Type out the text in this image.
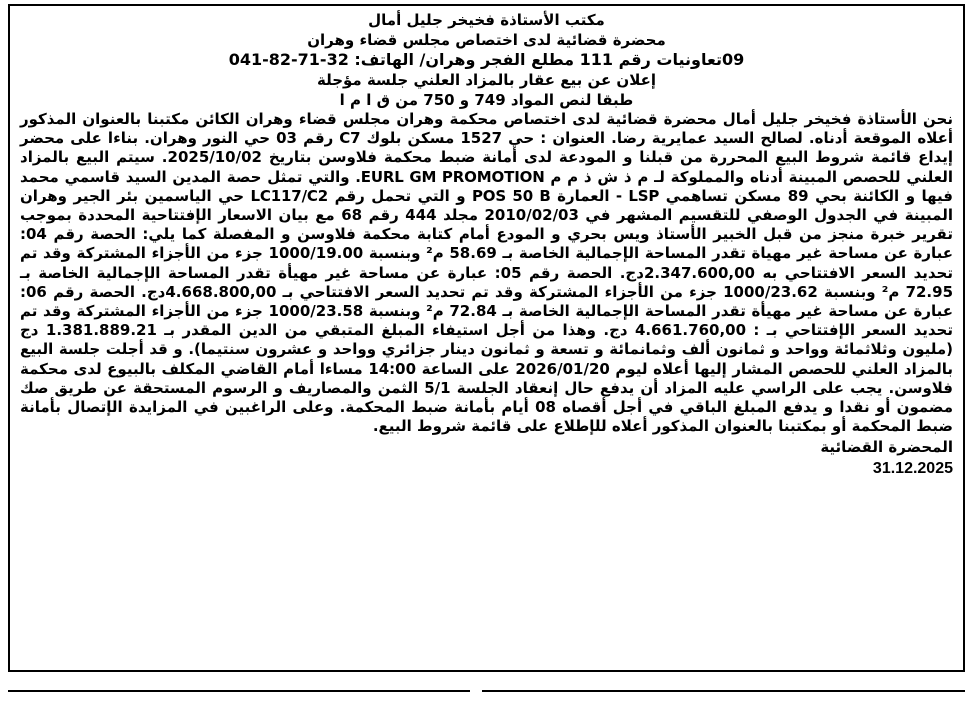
مكتب الأستاذة فخيخر جليل أمال
محضرة قضائية لدى اختصاص مجلس قضاء وهران
09تعاونيات رقم 111 مطلع الفجر وهران/ الهاتف: 32-71-82-041
إعلان عن بيع عقار بالمزاد العلني جلسة مؤجلة
طبقا لنص المواد 749 و 750 من ق ا م ا

نحن الأستاذة فخيخر جليل أمال محضرة قضائية لدى اختصاص محكمة وهران مجلس قضاء وهران الكائن مكتبنا بالعنوان المذكور أعلاه الموقعة أدناه. لصالح السيد عمايرية رضا. العنوان : حي 1527 مسكن بلوك C7 رقم 03 حي النور وهران. بناءا على محضر إيداع قائمة شروط البيع المحررة من قبلنا و المودعة لدى أمانة ضبط محكمة فلاوسن بتاريخ 2025/10/02. سيتم البيع بالمزاد العلني للحصص المبينة أدناه والمملوكة لـ م ذ ش ذ م م EURL GM PROMOTION. والتي تمثل حصة المدين السيد قاسمي محمد فيها و الكائنة بحي 89 مسكن تساهمي LSP - العمارة POS 50 B و التي تحمل رقم LC117/C2 حي الياسمين بئر الجير وهران المبينة في الجدول الوصفي للتقسيم المشهر في 2010/02/03 مجلد 444 رقم 68 مع بيان الاسعار الإفتتاحية المحددة بموجب تقرير خبرة منجز من قبل الخبير الأستاذ ويس بحري و المودع أمام كتابة محكمة فلاوسن و المفصلة كما يلي: الحصة رقم 04: عبارة عن مساحة غير مهياة تقدر المساحة الإجمالية الخاصة بـ 58.69 م² وبنسبة 1000/19.00 جزء من الأجزاء المشتركة وقد تم تحديد السعر الافتتاحي به 2.347.600,00دج. الحصة رقم 05: عبارة عن مساحة غير مهيأة تقدر المساحة الإجمالية الخاصة بـ 72.95 م² وبنسبة 1000/23.62 جزء من الأجزاء المشتركة وقد تم تحديد السعر الافتتاحي بـ 4.668.800,00دج. الحصة رقم 06: عبارة عن مساحة غير مهيأة تقدر المساحة الإجمالية الخاصة بـ 72.84 م² وبنسبة 1000/23.58 جزء من الأجزاء المشتركة وقد تم تحديد السعر الإفتتاحي بـ : 4.661.760,00 دج. وهذا من أجل استيفاء المبلغ المتبقي من الدين المقدر بـ 1.381.889.21 دج (مليون وثلاثمائة وواحد و ثمانون ألف وثمانمائة و تسعة و ثمانون دينار جزائري وواحد و عشرون سنتيما). و قد أجلت جلسة البيع بالمزاد العلني للحصص المشار إليها أعلاه ليوم 2026/01/20 على الساعة 14:00 مساءا أمام القاضي المكلف بالبيوع لدى محكمة فلاوسن. يجب على الراسي عليه المزاد أن يدفع حال إنعقاد الجلسة 5/1 الثمن والمصاريف و الرسوم المستحقة عن طريق صك مضمون أو نقدا و يدفع المبلغ الباقي في أجل أقصاه 08 أيام بأمانة ضبط المحكمة. وعلى الراغبين في المزايدة الإتصال بأمانة ضبط المحكمة أو بمكتبنا بالعنوان المذكور أعلاه للإطلاع على قائمة شروط البيع.

المحضرة القضائية
31.12.2025
